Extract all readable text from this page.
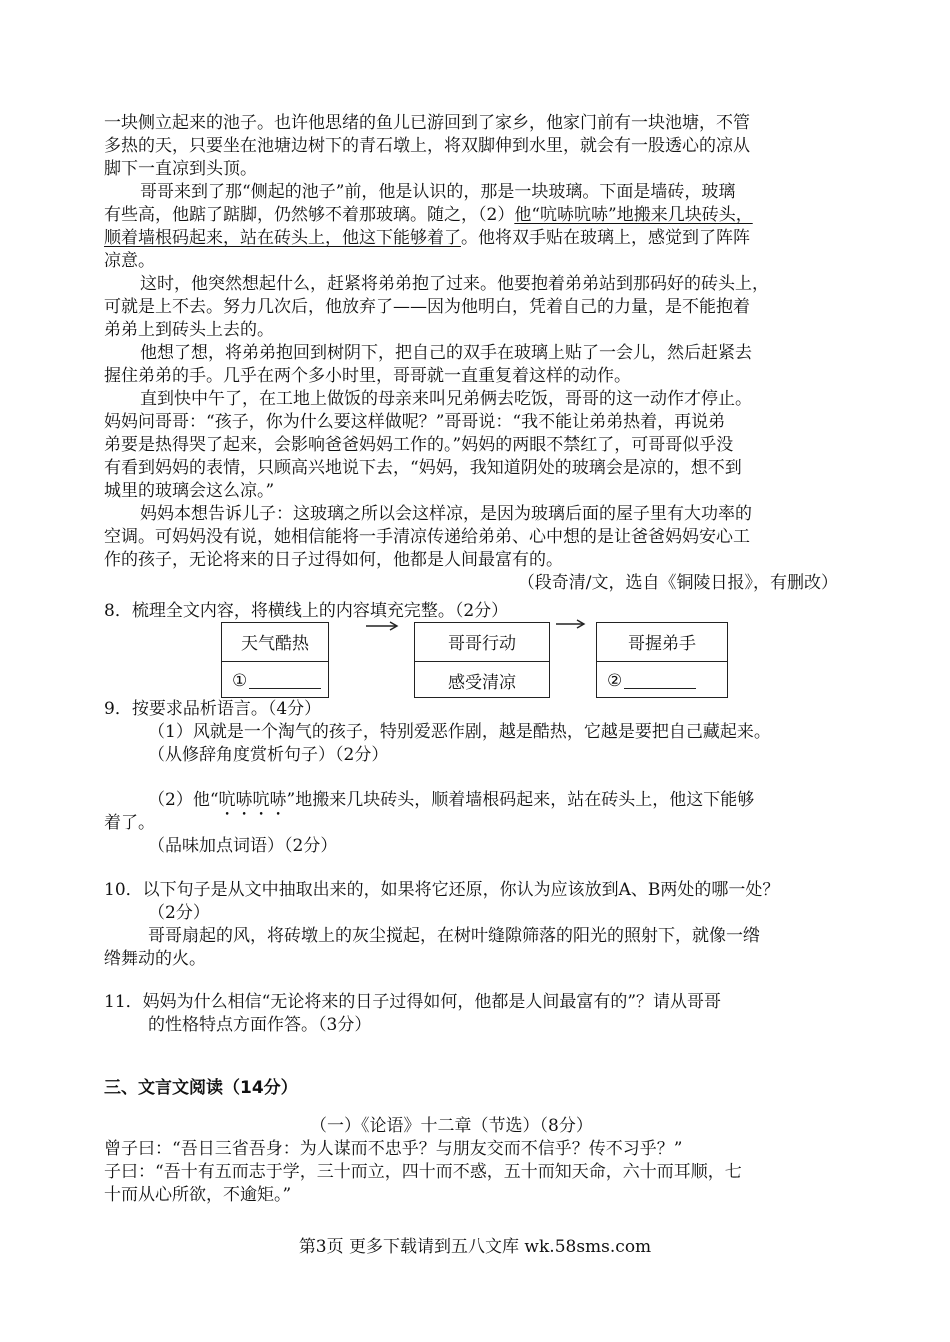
一块侧立起来的池子。也许他思绪的鱼儿已游回到了家乡，他家门前有一块池塘，不管
多热的天，只要坐在池塘边树下的青石墩上，将双脚伸到水里，就会有一股透心的凉从
脚下一直凉到头顶。
哥哥来到了那“侧起的池子”前，他是认识的，那是一块玻璃。下面是墙砖，玻璃
有些高，他踮了踮脚，仍然够不着那玻璃。随之，（2）他“吭哧吭哧”地搬来几块砖头，
顺着墙根码起来，站在砖头上，他这下能够着了。他将双手贴在玻璃上，感觉到了阵阵
凉意。
这时，他突然想起什么，赶紧将弟弟抱了过来。他要抱着弟弟站到那码好的砖头上，
可就是上不去。努力几次后，他放弃了——因为他明白，凭着自己的力量，是不能抱着
弟弟上到砖头上去的。
他想了想，将弟弟抱回到树阴下，把自己的双手在玻璃上贴了一会儿，然后赶紧去
握住弟弟的手。几乎在两个多小时里，哥哥就一直重复着这样的动作。
直到快中午了，在工地上做饭的母亲来叫兄弟俩去吃饭，哥哥的这一动作才停止。
妈妈问哥哥：“孩子，你为什么要这样做呢？”哥哥说：“我不能让弟弟热着，再说弟
弟要是热得哭了起来，会影响爸爸妈妈工作的。”妈妈的两眼不禁红了，可哥哥似乎没
有看到妈妈的表情，只顾高兴地说下去，“妈妈，我知道阴处的玻璃会是凉的，想不到
城里的玻璃会这么凉。”
妈妈本想告诉儿子：这玻璃之所以会这样凉，是因为玻璃后面的屋子里有大功率的
空调。可妈妈没有说，她相信能将一手清凉传递给弟弟、心中想的是让爸爸妈妈安心工
作的孩子，无论将来的日子过得如何，他都是人间最富有的。
（段奇清/文，选自《铜陵日报》，有删改）
8．梳理全文内容，将横线上的内容填充完整。（2分）
天气酷热
①
哥哥行动
感受清凉
哥握弟手
②
9．按要求品析语言。（4分）
（1）风就是一个淘气的孩子，特别爱恶作剧，越是酷热，它越是要把自己藏起来。
（从修辞角度赏析句子）（2分）
（2）他“吭哧吭哧”地搬来几块砖头，顺着墙根码起来，站在砖头上，他这下能够
着了。
（品味加点词语）（2分）
10．以下句子是从文中抽取出来的，如果将它还原，你认为应该放到A、B两处的哪一处？
（2分）
哥哥扇起的风，将砖墩上的灰尘搅起，在树叶缝隙筛落的阳光的照射下，就像一绺
绺舞动的火。
11．妈妈为什么相信“无论将来的日子过得如何，他都是人间最富有的”？请从哥哥
的性格特点方面作答。（3分）
三、文言文阅读（14分）
（一）《论语》十二章（节选）（8分）
曾子曰：“吾日三省吾身：为人谋而不忠乎？与朋友交而不信乎？传不习乎？”
子曰：“吾十有五而志于学，三十而立，四十而不惑，五十而知天命，六十而耳顺，七
十而从心所欲，不逾矩。”
第3页 更多下载请到五八文库 wk.58sms.com
